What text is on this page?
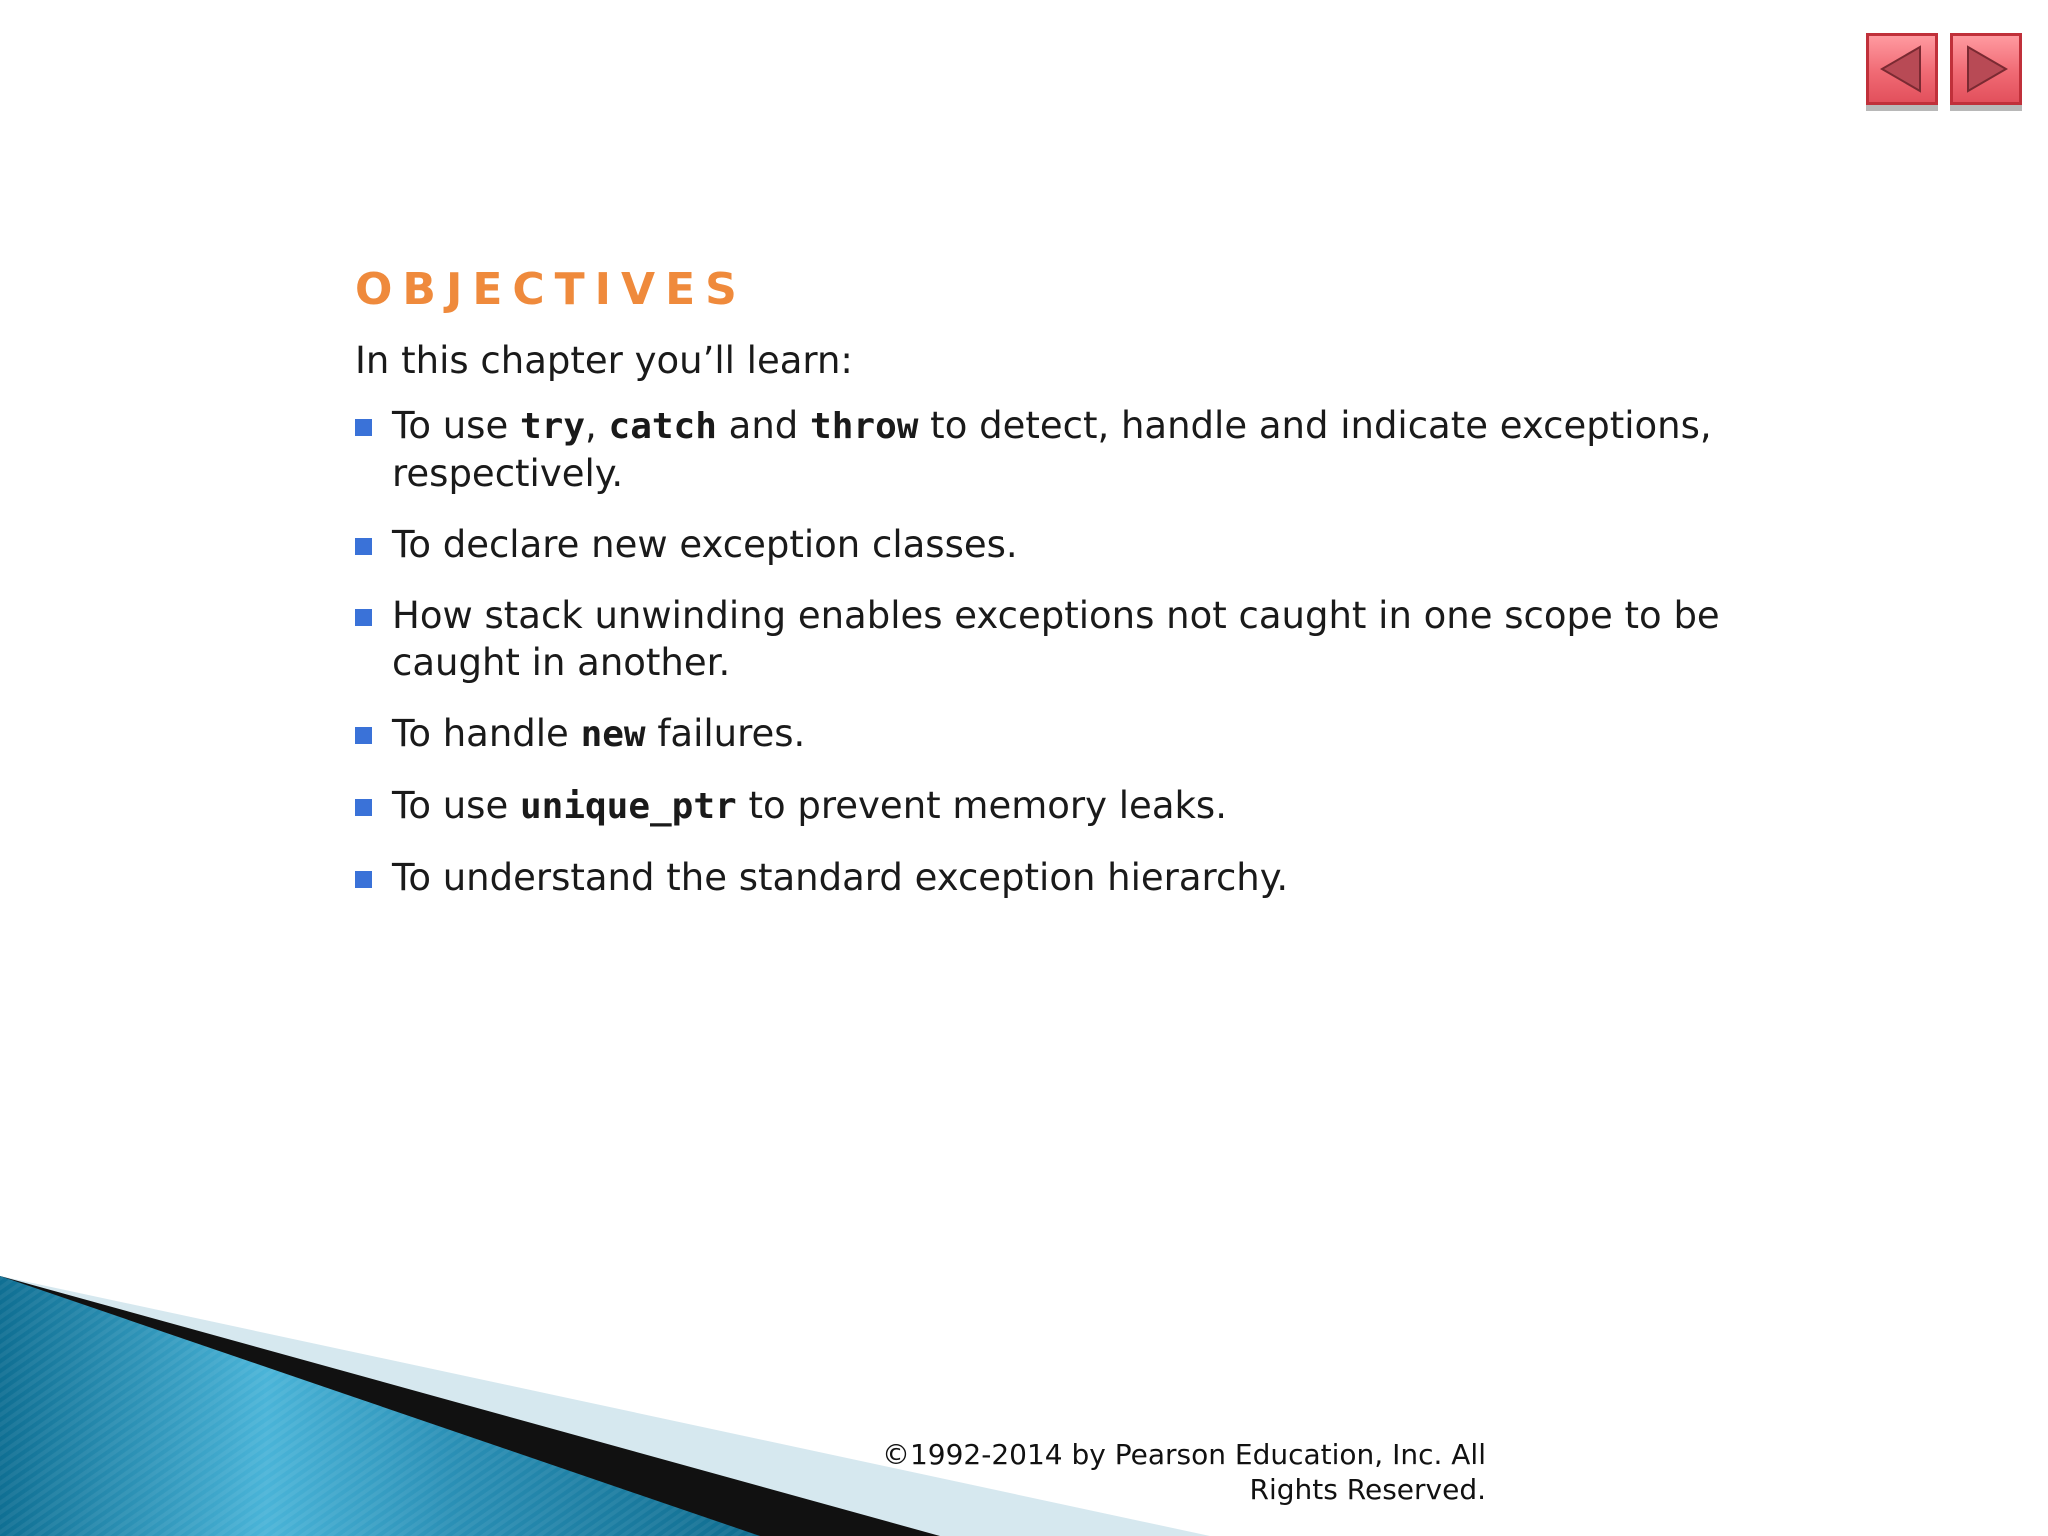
OBJECTIVES
In this chapter you’ll learn:
To use try, catch and throw to detect, handle and indicate exceptions, respectively.
To declare new exception classes.
How stack unwinding enables exceptions not caught in one scope to be caught in another.
To handle new failures.
To use unique_ptr to prevent memory leaks.
To understand the standard exception hierarchy.
©1992-2014 by Pearson Education, Inc. All
Rights Reserved.
